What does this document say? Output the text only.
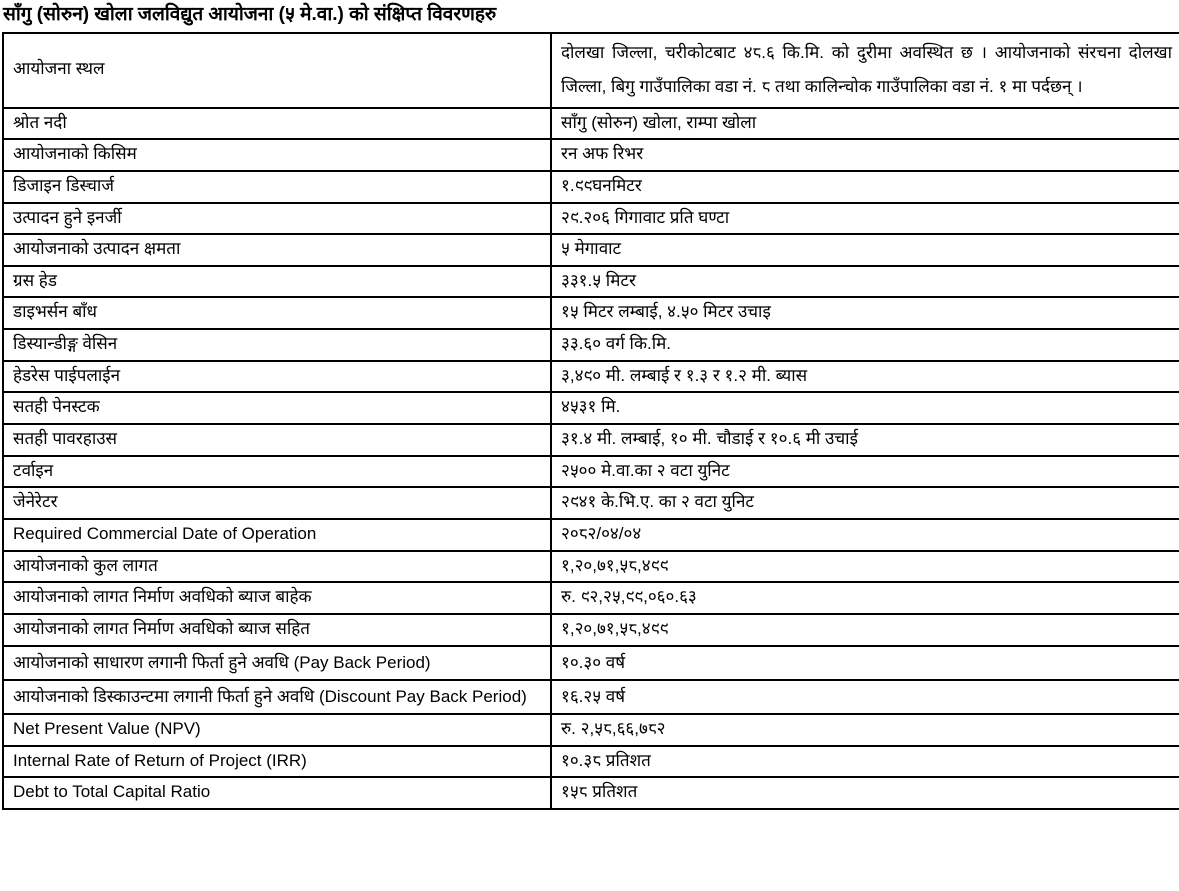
साँगु (सोरुन) खोला जलविद्युत आयोजना (५ मे.वा.) को संक्षिप्त विवरणहरु
आयोजना स्थल	दोलखा जिल्ला, चरीकोटबाट ४८.६ कि.मि. को दुरीमा अवस्थित छ । आयोजनाको संरचना दोलखा जिल्ला, बिगु गाउँपालिका वडा नं. ८ तथा कालिन्चोक गाउँपालिका वडा नं. १ मा पर्दछन् ।
श्रोत नदी	साँगु (सोरुन) खोला, राम्पा खोला
आयोजनाको किसिम	रन अफ रिभर
डिजाइन डिस्चार्ज	१.९९घनमिटर
उत्पादन हुने इनर्जी	२९.२०६ गिगावाट प्रति घण्टा
आयोजनाको उत्पादन क्षमता	५ मेगावाट
ग्रस हेड	३३१.५ मिटर
डाइभर्सन बाँध	१५ मिटर लम्बाई, ४.५० मिटर उचाइ
डिस्यान्डीङ्ग वेसिन	३३.६० वर्ग कि.मि.
हेडरेस पाईपलाईन	३,४९० मी. लम्बाई र १.३ र १.२ मी. ब्यास
सतही पेनस्टक	४५३१ मि.
सतही पावरहाउस	३१.४ मी. लम्बाई, १० मी. चौडाई र १०.६ मी उचाई
टर्वाइन	२५०० मे.वा.का २ वटा युनिट
जेनेरेटर	२९४१ के.भि.ए. का २ वटा युनिट
Required Commercial Date of Operation	२०८२/०४/०४
आयोजनाको कुल लागत	१,२०,७१,५८,४९९
आयोजनाको लागत निर्माण अवधिको ब्याज बाहेक	रु. ९२,२५,९९,०६०.६३
आयोजनाको लागत निर्माण अवधिको ब्याज सहित	१,२०,७१,५८,४९९
आयोजनाको साधारण लगानी फिर्ता हुने अवधि (Pay Back Period)	१०.३० वर्ष
आयोजनाको डिस्काउन्टमा लगानी फिर्ता हुने अवधि (Discount Pay Back Period)	१६.२५ वर्ष
Net Present Value (NPV)	रु. २,५८,६६,७८२
Internal Rate of Return of Project (IRR)	१०.३८ प्रतिशत
Debt to Total Capital Ratio	१५८ प्रतिशत
